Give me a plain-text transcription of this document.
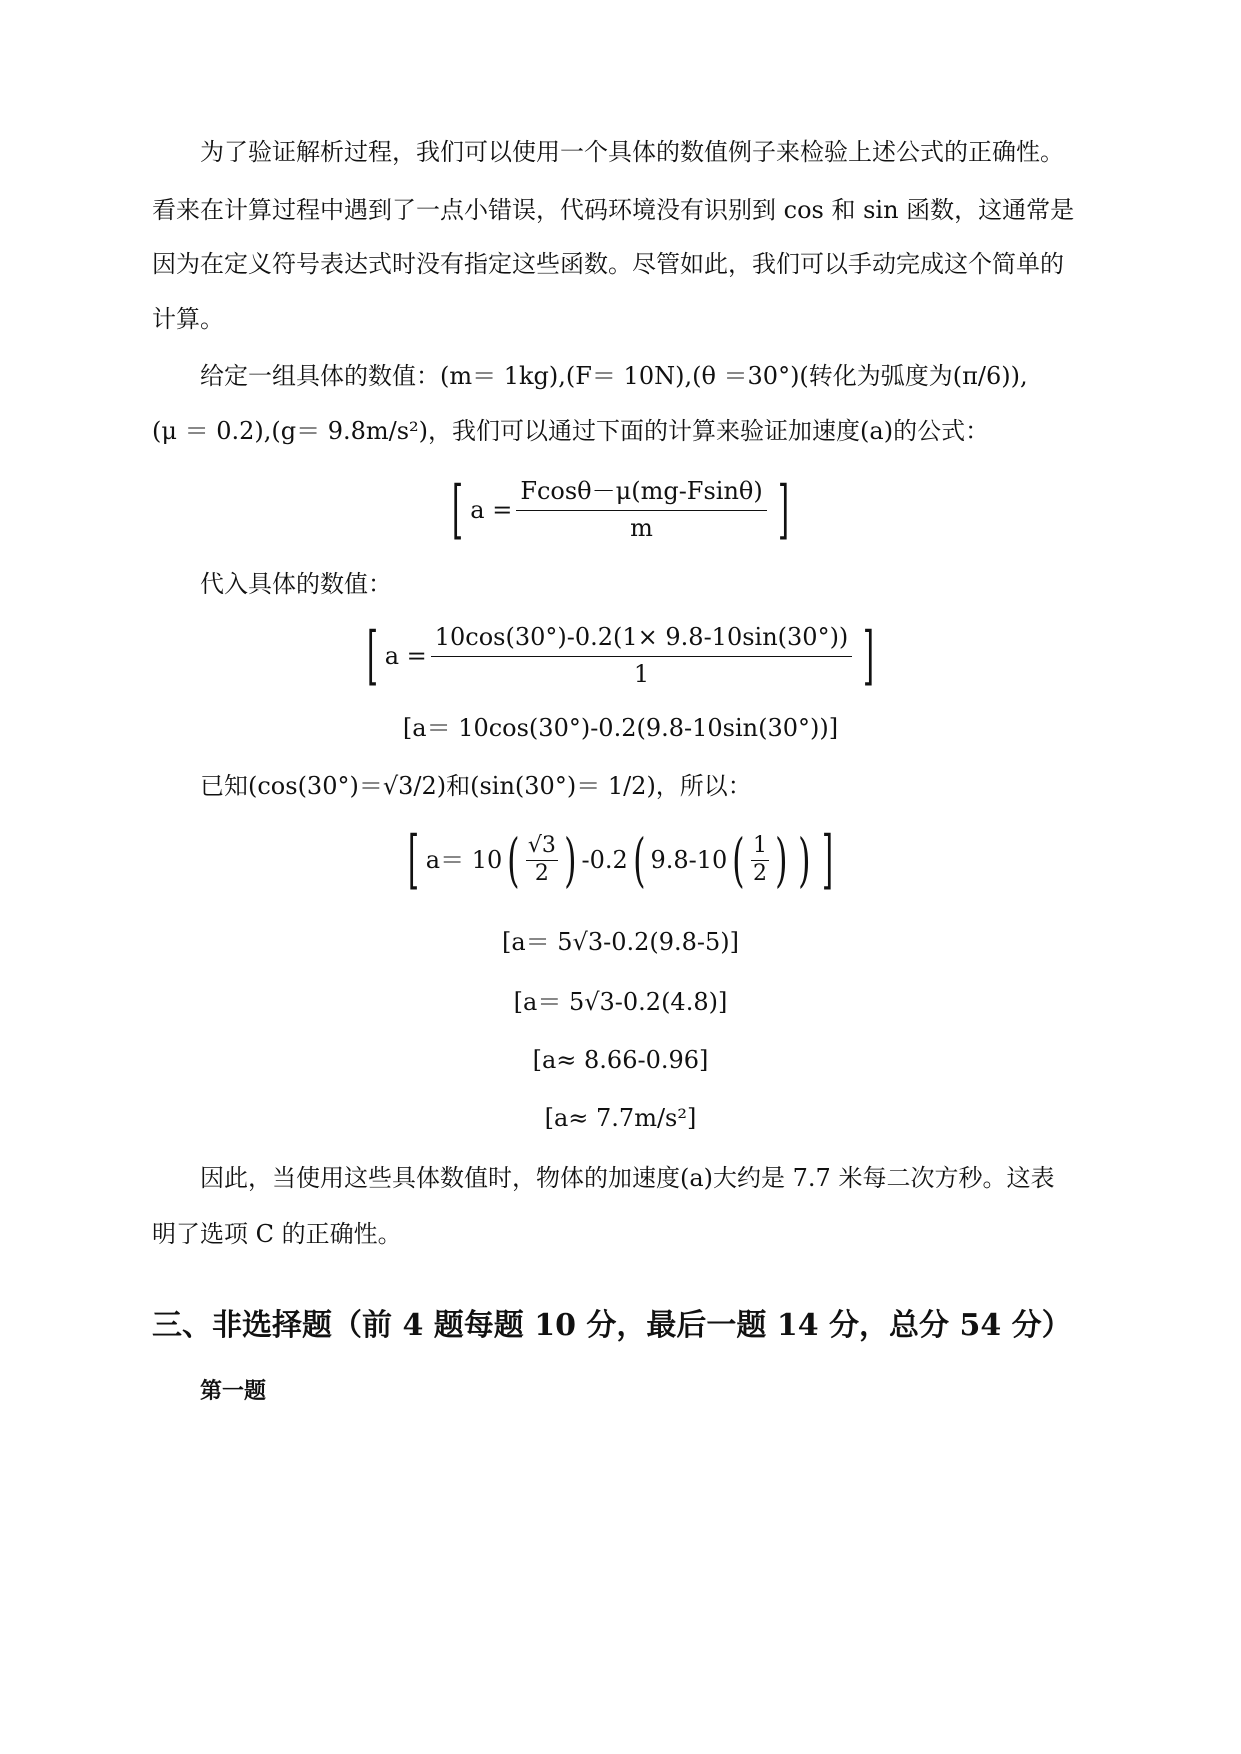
为了验证解析过程，我们可以使用一个具体的数值例子来检验上述公式的正确性。
看来在计算过程中遇到了一点小错误，代码环境没有识别到 cos 和 sin 函数，这通常是
因为在定义符号表达式时没有指定这些函数。尽管如此，我们可以手动完成这个简单的
计算。
给定一组具体的数值：(m＝ 1kg),(F＝ 10N),(θ ＝30°)(转化为弧度为(π/6)),
(μ ＝ 0.2),(g＝ 9.8m/s²)，我们可以通过下面的计算来验证加速度(a)的公式：
[ $a = \frac{Fcos\theta-\mu(mg-Fsin\theta)}{m}$ ]
代入具体的数值：
[ $a = \frac{10\cos(30^\circ)-0.2(1\times 9.8-10\sin(30^\circ))}{1}$ ]
[a＝ 10cos(30°)-0.2(9.8-10sin(30°))]
已知(cos(30°)＝√3/2)和(sin(30°)＝ 1/2)，所以：
[ a＝ 10 ( $\frac{√3}{2}$ ) -0.2 ( 9.8-10 ( $\frac{1}{2}$ ) ) ]
[a＝ 5√3-0.2(9.8-5)]
[a＝ 5√3-0.2(4.8)]
[a≈ 8.66-0.96]
[a≈ 7.7m/s²]
因此，当使用这些具体数值时，物体的加速度(a)大约是 7.7 米每二次方秒。这表
明了选项 C 的正确性。
三、非选择题（前 4 题每题 10 分，最后一题 14 分，总分 54 分）
第一题
